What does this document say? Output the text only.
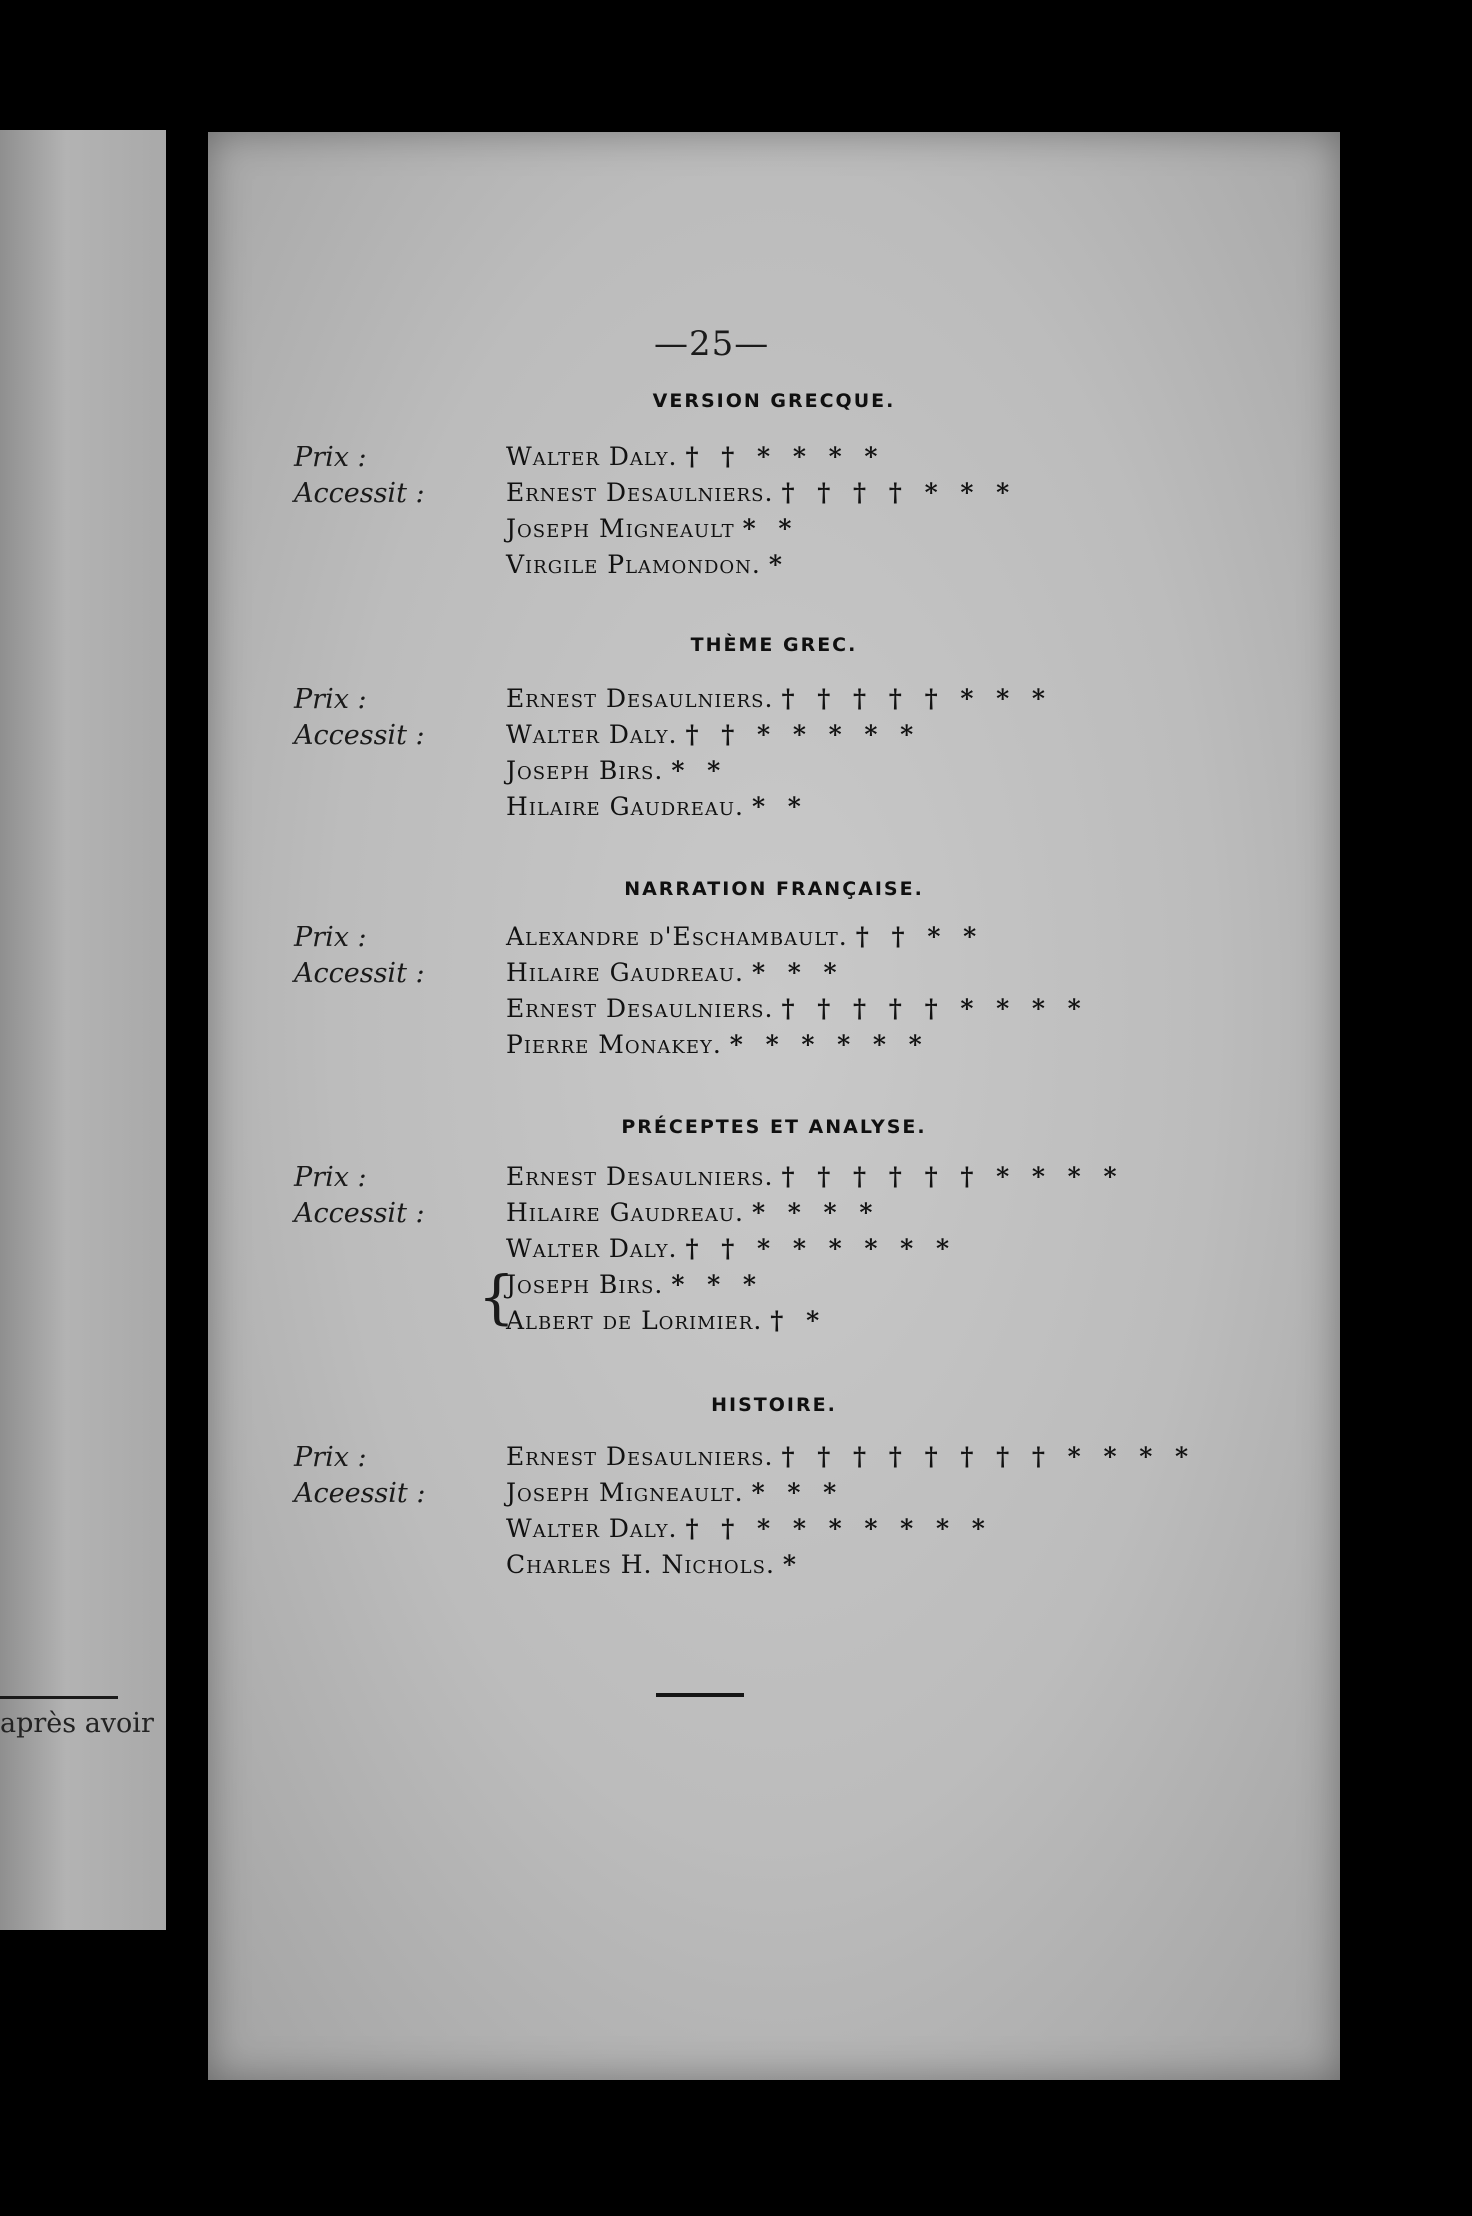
après avoir
—25—
VERSION GRECQUE.
Prix :
Accessit :
Walter Daly. † † * * * *
Ernest Desaulniers. † † † † * * *
Joseph Migneault * *
Virgile Plamondon. *
THÈME GREC.
Prix :
Accessit :
Ernest Desaulniers. † † † † † * * *
Walter Daly. † † * * * * *
Joseph Birs. * *
Hilaire Gaudreau. * *
NARRATION FRANÇAISE.
Prix :
Accessit :
Alexandre d'Eschambault. † † * *
Hilaire Gaudreau. * * *
Ernest Desaulniers. † † † † † * * * *
Pierre Monakey. * * * * * *
PRÉCEPTES ET ANALYSE.
Prix :
Accessit :
Ernest Desaulniers. † † † † † † * * * *
Hilaire Gaudreau. * * * *
Walter Daly. † † * * * * * *
{
Joseph Birs. * * *
Albert de Lorimier. † *
HISTOIRE.
Prix :
Aceessit :
Ernest Desaulniers. † † † † † † † † * * * *
Joseph Migneault. * * *
Walter Daly. † † * * * * * * *
Charles H. Nichols. *
